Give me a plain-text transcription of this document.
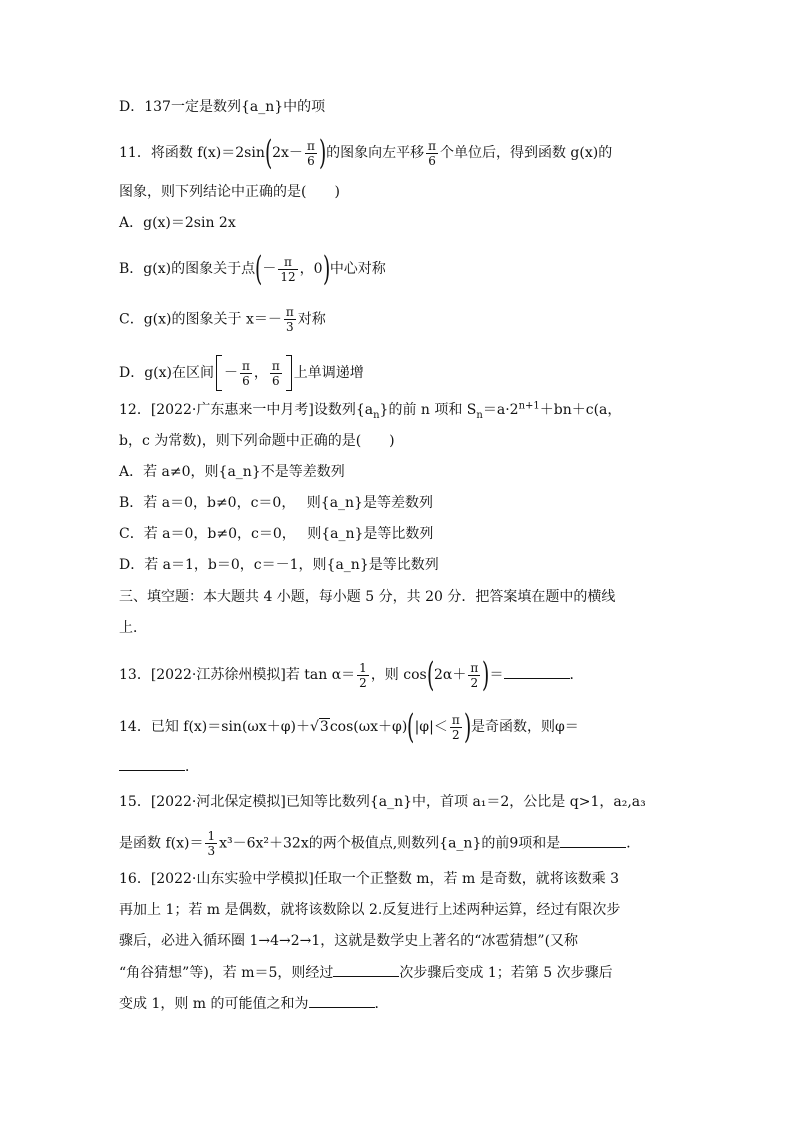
D．137一定是数列{a_n}中的项
11．将函数 $f(x)=2\sin(2x- \frac{\pi}{6}$ )的图象向左平移 $\frac{\pi}{6}$ 个单位后，得到函数 g(x)的
图象，则下列结论中正确的是(　　)
A．g(x)＝2sin 2x
B．g(x)的图象关于点(－ $\frac{\pi}{12}$ ，0)中心对称
C．g(x)的图象关于 $x=- \frac{\pi}{3}$ 对称
D．g(x)在区间 － $\frac{\pi}{6}$ ， $\frac{\pi}{6}$ 上单调递增
12．[2022·广东惠来一中月考]设数列$\{a_n\}$的前 n 项和 $S_n=a\cdot 2^{n+1}+bn+c(a$，
b，c 为常数)，则下列命题中正确的是(　　)
A．若 a≠0，则{a_n}不是等差数列
B．若 a＝0，b≠0，c＝0，　 则{a_n}是等差数列
C．若 a＝0，b≠0，c＝0，　 则{a_n}是等比数列
D．若 a＝1，b＝0，c＝－1，则{a_n}是等比数列
三、填空题：本大题共 4 小题，每小题 5 分，共 20 分．把答案填在题中的横线
上．
13．[2022·江苏徐州模拟]若 $\tan \alpha= \frac{1}{2}$ ，则 $\cos(2\alpha+ \frac{\pi}{2}$ )＝	．
14．已知 $f(x)=\sin(\omega x+\varphi)+√3\cos(\omega x+\varphi)(|\varphi|< \frac{\pi}{2}$ )是奇函数，则φ＝
．
15．[2022·河北保定模拟]已知等比数列{a_n}中，首项 a₁＝2，公比是 q>1，a₂,a₃
是函数 $f(x)= \frac{1}{3} x^3-6x^2+32x$的两个极值点,则数列{a_n}的前9项和是	．
16．[2022·山东实验中学模拟]任取一个正整数 m，若 m 是奇数，就将该数乘 3
再加上 1；若 m 是偶数，就将该数除以 2.反复进行上述两种运算，经过有限次步
骤后，必进入循环圈 1→4→2→1，这就是数学史上著名的“冰雹猜想”(又称
“角谷猜想”等)，若 m＝5，则经过	次步骤后变成 1；若第 5 次步骤后
变成 1，则 m 的可能值之和为	．
